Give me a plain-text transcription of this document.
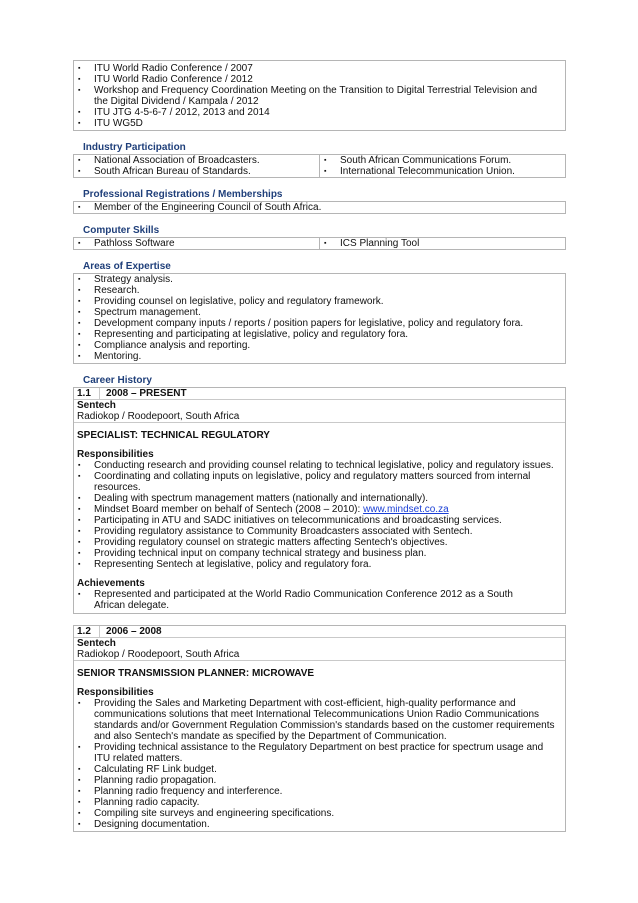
▪ ITU World Radio Conference / 2007
▪ ITU World Radio Conference / 2012
▪ Workshop and Frequency Coordination Meeting on the Transition to Digital Terrestrial Television and the Digital Dividend / Kampala / 2012
▪ ITU JTG 4-5-6-7 / 2012, 2013 and 2014
▪ ITU WG5D
Industry Participation
▪ National Association of Broadcasters.
▪ South African Bureau of Standards.
▪ South African Communications Forum.
▪ International Telecommunication Union.
Professional Registrations / Memberships
▪ Member of the Engineering Council of South Africa.
Computer Skills
▪ Pathloss Software
▪	ICS Planning Tool
Areas of Expertise
▪ Strategy analysis.
▪ Research.
▪ Providing counsel on legislative, policy and regulatory framework.
▪ Spectrum management.
▪ Development company inputs / reports / position papers for legislative, policy and regulatory fora.
▪ Representing and participating at legislative, policy and regulatory fora.
▪ Compliance analysis and reporting.
▪ Mentoring.
Career History
1.1	2008 – PRESENT
Sentech
Radiokop / Roodepoort, South Africa
SPECIALIST: TECHNICAL REGULATORY
Responsibilities
▪ Conducting research and providing counsel relating to technical legislative, policy and regulatory issues.
▪ Coordinating and collating inputs on legislative, policy and regulatory matters sourced from internal resources.
▪ Dealing with spectrum management matters (nationally and internationally).
▪ Mindset Board member on behalf of Sentech (2008 – 2010): www.mindset.co.za
▪ Participating in ATU and SADC initiatives on telecommunications and broadcasting services.
▪ Providing regulatory assistance to Community Broadcasters associated with Sentech.
▪ Providing regulatory counsel on strategic matters affecting Sentech's objectives.
▪ Providing technical input on company technical strategy and business plan.
▪ Representing Sentech at legislative, policy and regulatory fora.
Achievements
▪ Represented and participated at the World Radio Communication Conference 2012 as a South African delegate.
1.2	2006 – 2008
Sentech
Radiokop / Roodepoort, South Africa
SENIOR TRANSMISSION PLANNER: MICROWAVE
Responsibilities
▪ Providing the Sales and Marketing Department with cost-efficient, high-quality performance and communications solutions that meet International Telecommunications Union Radio Communications standards and/or Government Regulation Commission's standards based on the customer requirements and also Sentech's mandate as specified by the Department of Communication.
▪ Providing technical assistance to the Regulatory Department on best practice for spectrum usage and ITU related matters.
▪ Calculating RF Link budget.
▪ Planning radio propagation.
▪ Planning radio frequency and interference.
▪ Planning radio capacity.
▪ Compiling site surveys and engineering specifications.
▪ Designing documentation.
